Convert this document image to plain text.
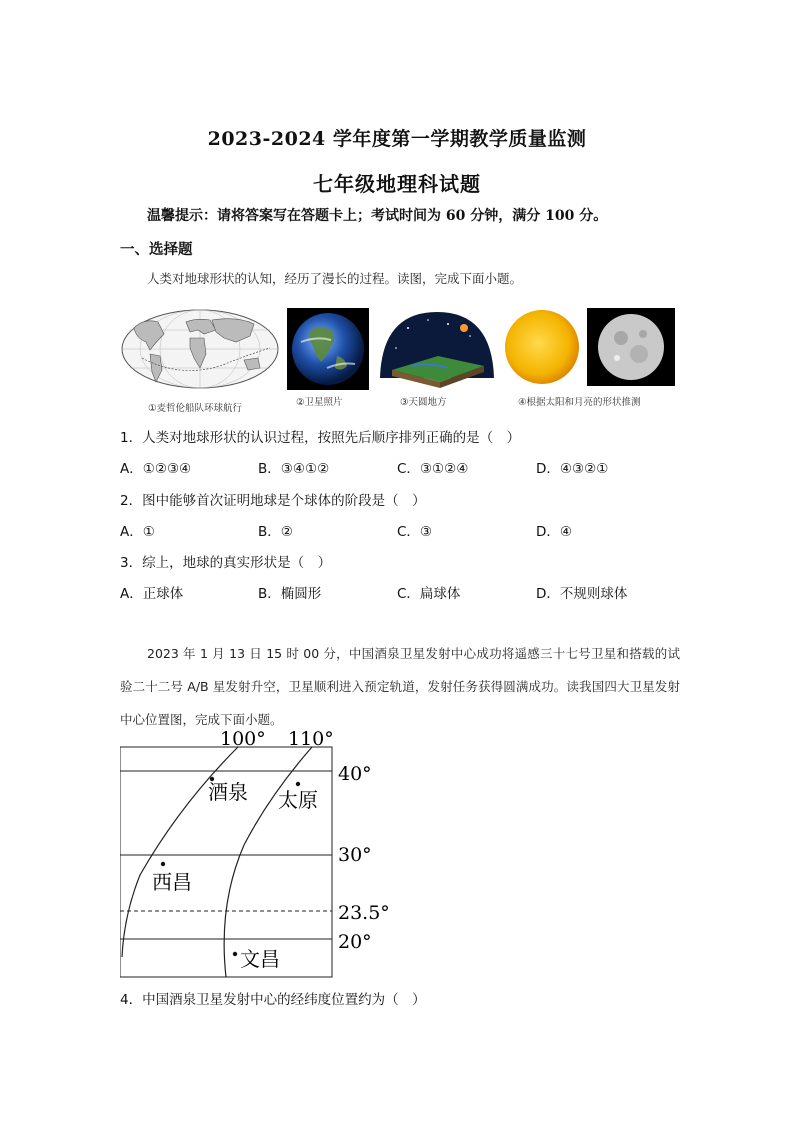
2023-2024 学年度第一学期教学质量监测
七年级地理科试题
温馨提示：请将答案写在答题卡上；考试时间为 60 分钟，满分 100 分。
一、选择题
人类对地球形状的认知，经历了漫长的过程。读图，完成下面小题。
①麦哲伦船队环球航行
②卫星照片	③天圆地方	④根据太阳和月亮的形状推测
1．人类对地球形状的认识过程，按照先后顺序排列正确的是（　）
A．①②③④	B．③④①②	C．③①②④	D．④③②①
2．图中能够首次证明地球是个球体的阶段是（　）
A．①	B．②	C．③	D．④
3．综上，地球的真实形状是（　）
A．正球体	B．椭圆形	C．扁球体	D．不规则球体
2023 年 1 月 13 日 15 时 00 分，中国酒泉卫星发射中心成功将遥感三十七号卫星和搭载的试验二十二号 A/B 星发射升空，卫星顺利进入预定轨道，发射任务获得圆满成功。读我国四大卫星发射中心位置图，完成下面小题。
100° 110°
40°
30°
23.5°
20°
酒泉 太原
西昌
文昌
4．中国酒泉卫星发射中心的经纬度位置约为（　）
